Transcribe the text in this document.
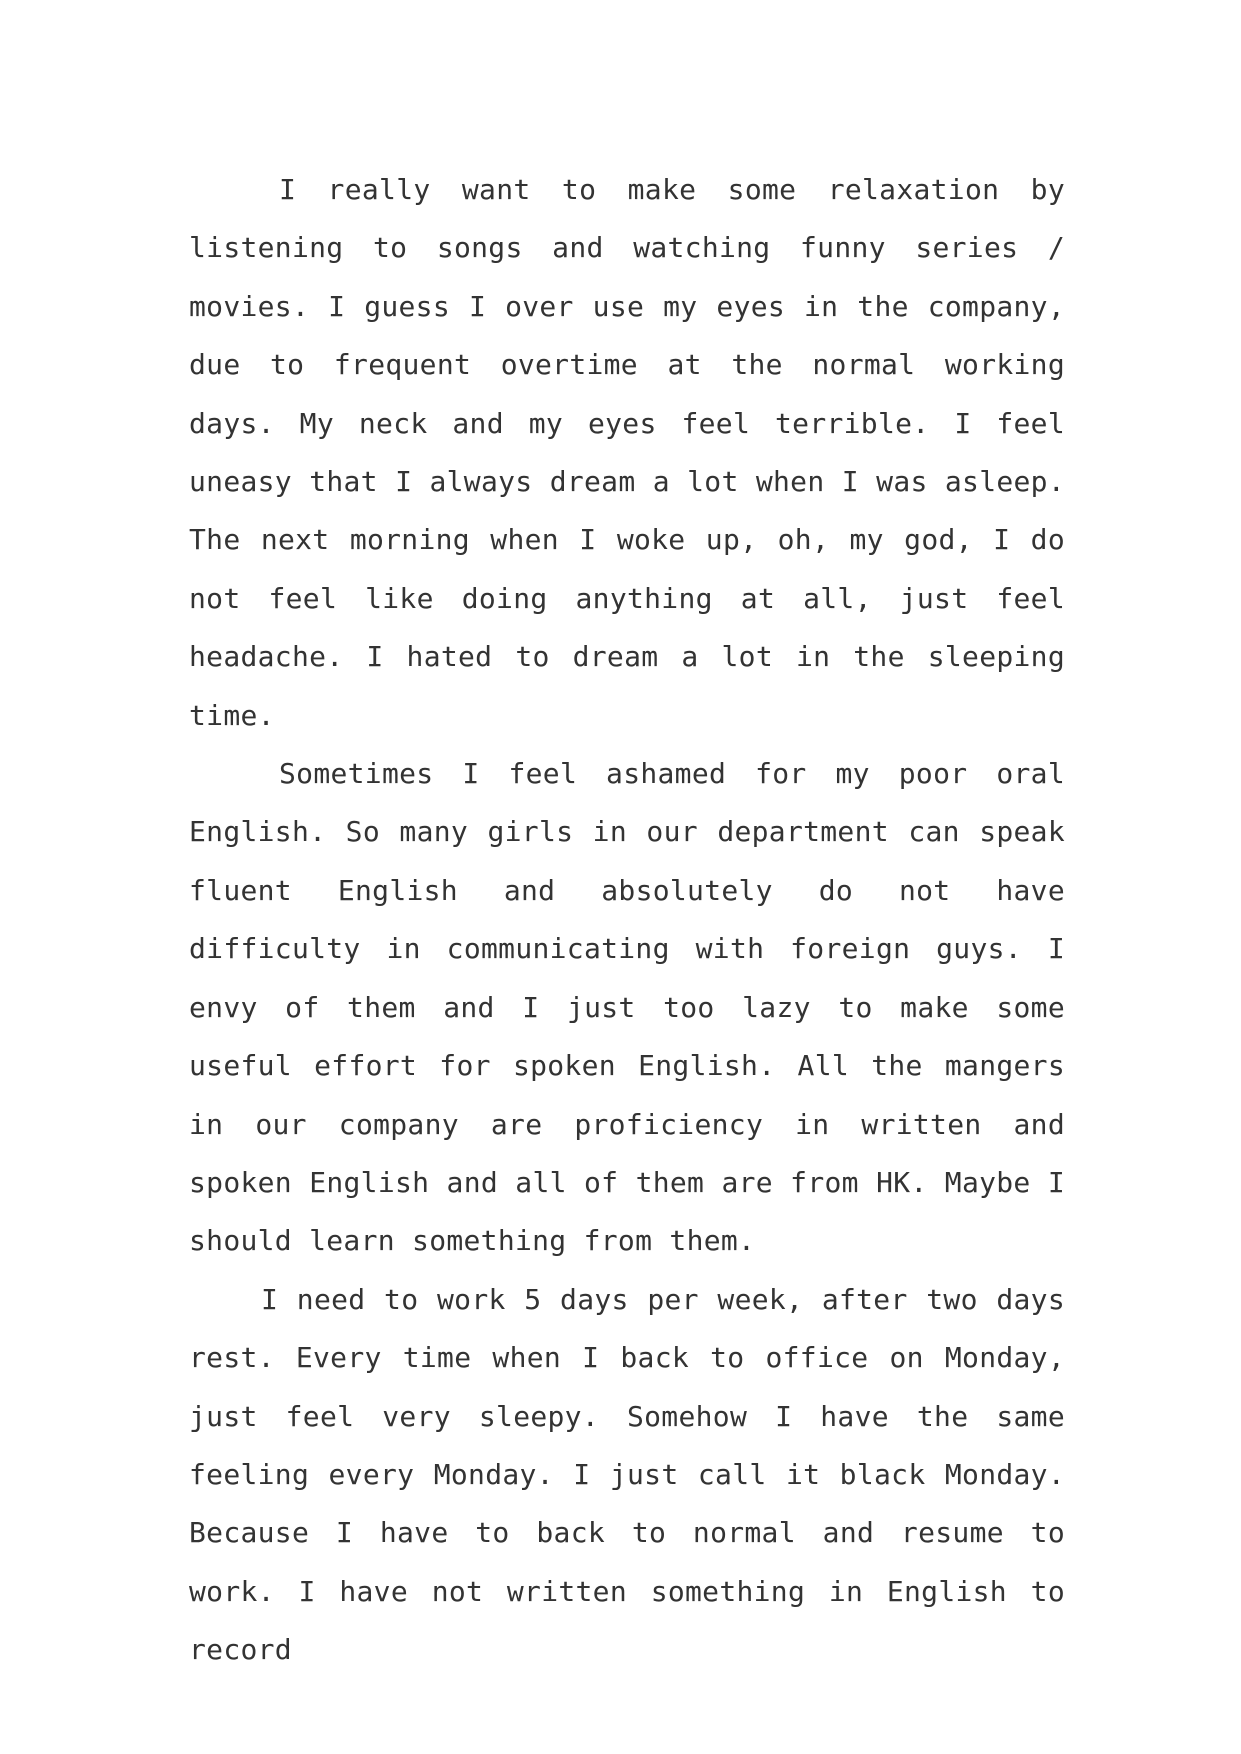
I really want to make some relaxation by listening to songs and watching funny series / movies. I guess I over use my eyes in the company, due to frequent overtime at the normal working days. My neck and my eyes feel terrible. I feel uneasy that I always dream a lot when I was asleep. The next morning when I woke up, oh, my god, I do not feel like doing anything at all, just feel headache. I hated to dream a lot in the sleeping time.

Sometimes I feel ashamed for my poor oral English. So many girls in our department can speak fluent English and absolutely do not have difficulty in communicating with foreign guys. I envy of them and I just too lazy to make some useful effort for spoken English. All the mangers in our company are proficiency in written and spoken English and all of them are from HK. Maybe I should learn something from them.

I need to work 5 days per week, after two days rest. Every time when I back to office on Monday, just feel very sleepy. Somehow I have the same feeling every Monday. I just call it black Monday. Because I have to back to normal and resume to work. I have not written something in English to record
